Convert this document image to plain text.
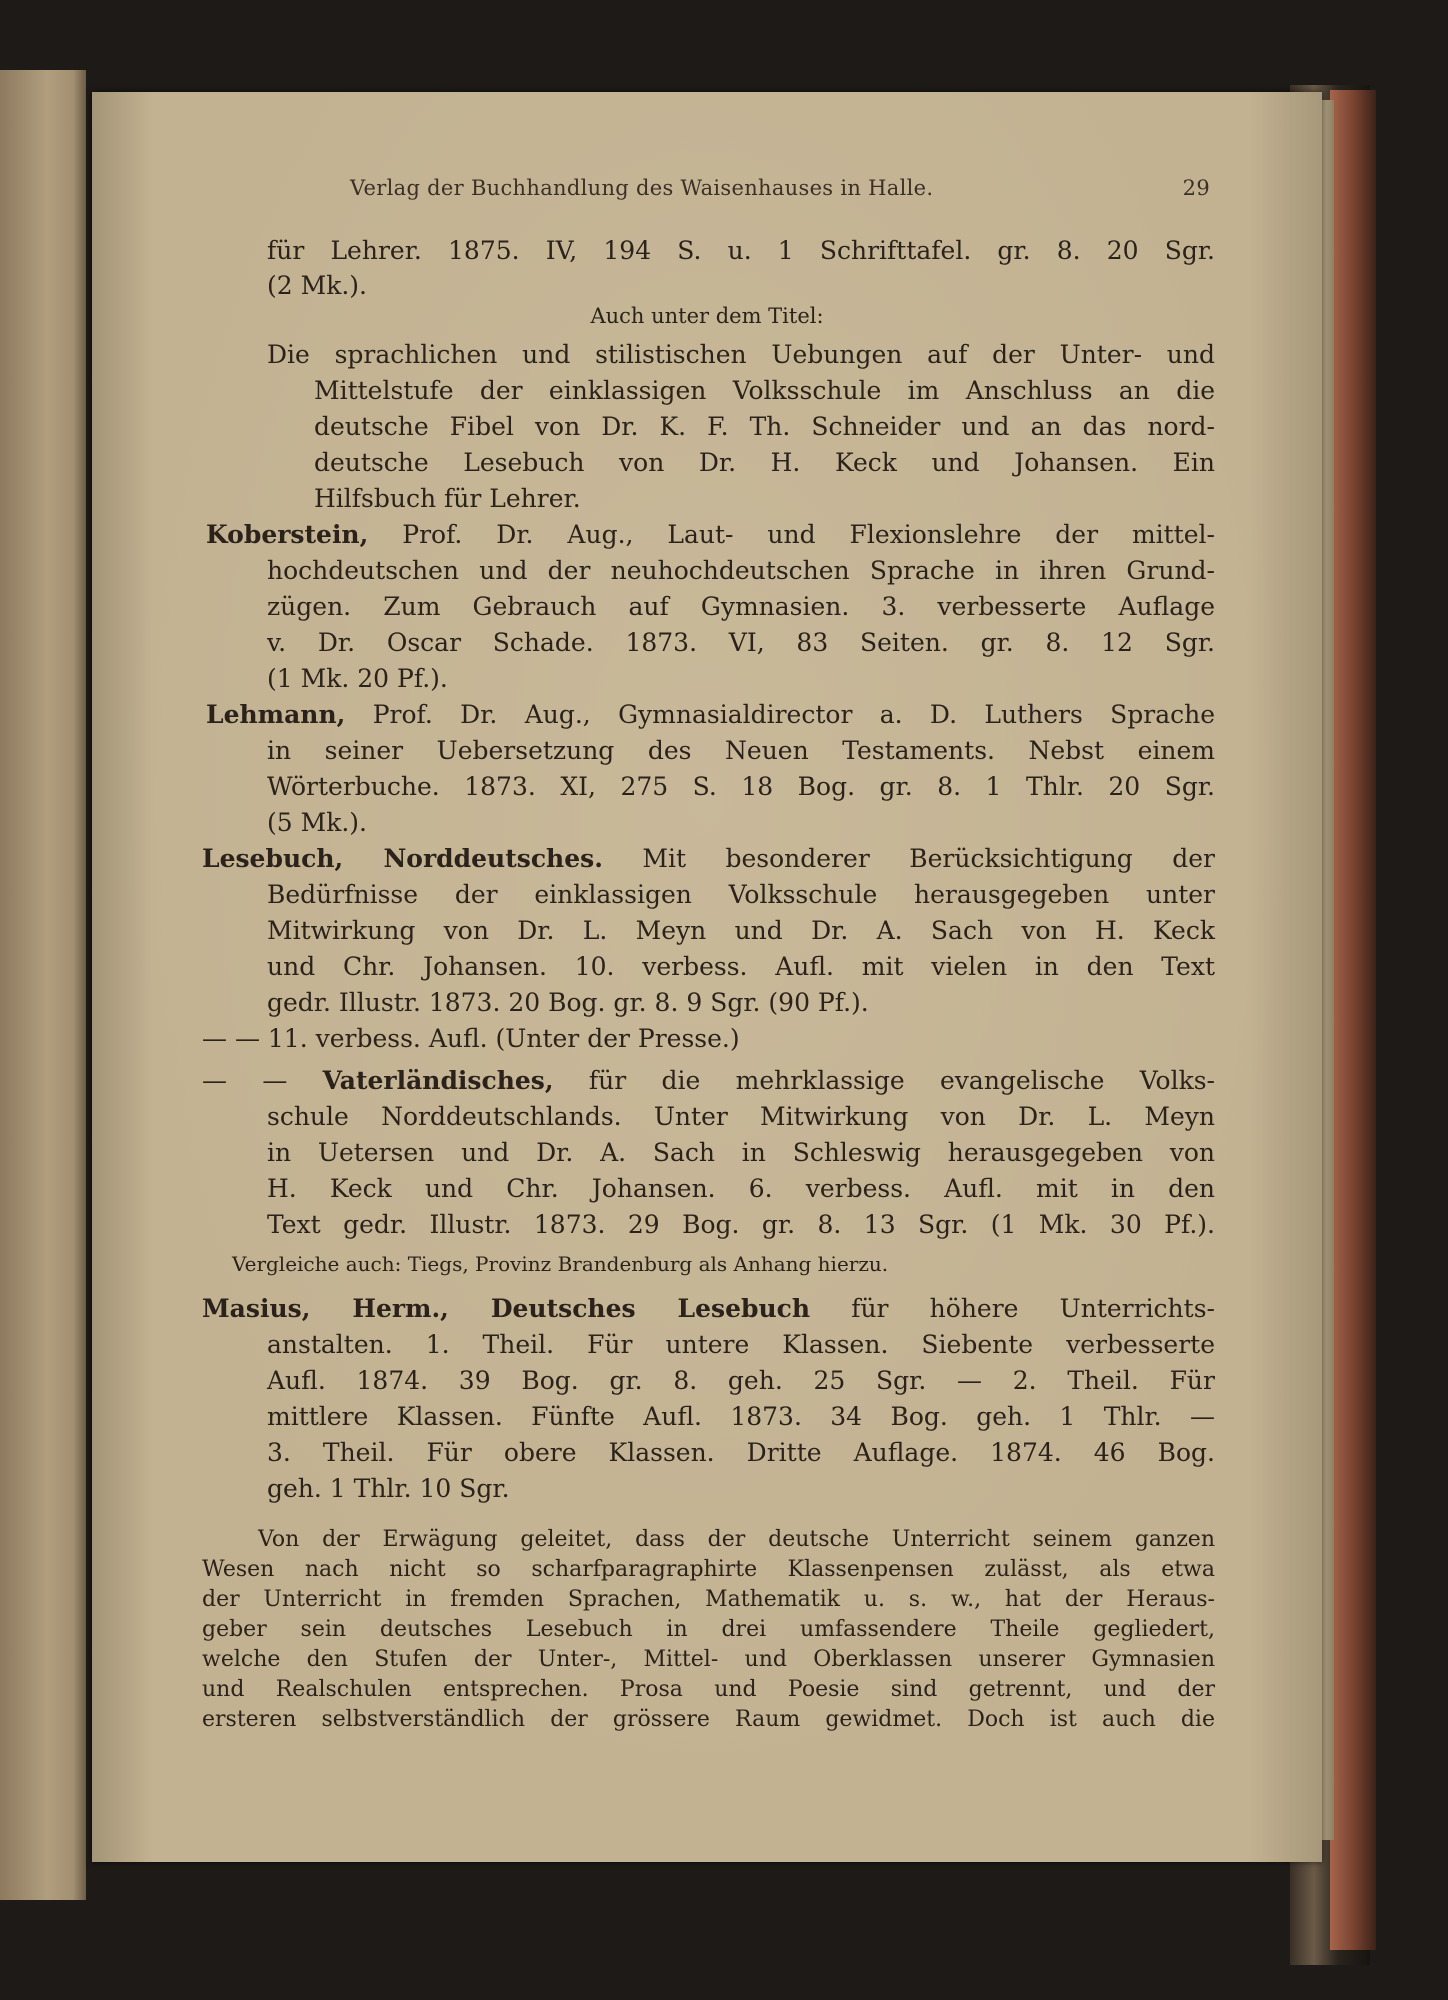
Verlag der Buchhandlung des Waisenhauses in Halle.	29
für Lehrer. 1875. IV, 194 S. u. 1 Schrifttafel. gr. 8. 20 Sgr.
(2 Mk.).
Auch unter dem Titel:
Die sprachlichen und stilistischen Uebungen auf der Unter- und
Mittelstufe der einklassigen Volksschule im Anschluss an die
deutsche Fibel von Dr. K. F. Th. Schneider und an das nord-
deutsche Lesebuch von Dr. H. Keck und Johansen. Ein
Hilfsbuch für Lehrer.
Koberstein, Prof. Dr. Aug., Laut- und Flexionslehre der mittel-
hochdeutschen und der neuhochdeutschen Sprache in ihren Grund-
zügen. Zum Gebrauch auf Gymnasien. 3. verbesserte Auflage
v. Dr. Oscar Schade. 1873. VI, 83 Seiten. gr. 8. 12 Sgr.
(1 Mk. 20 Pf.).
Lehmann, Prof. Dr. Aug., Gymnasialdirector a. D. Luthers Sprache
in seiner Uebersetzung des Neuen Testaments. Nebst einem
Wörterbuche. 1873. XI, 275 S. 18 Bog. gr. 8. 1 Thlr. 20 Sgr.
(5 Mk.).
Lesebuch, Norddeutsches. Mit besonderer Berücksichtigung der
Bedürfnisse der einklassigen Volksschule herausgegeben unter
Mitwirkung von Dr. L. Meyn und Dr. A. Sach von H. Keck
und Chr. Johansen. 10. verbess. Aufl. mit vielen in den Text
gedr. Illustr. 1873. 20 Bog. gr. 8. 9 Sgr. (90 Pf.).
— — 11. verbess. Aufl. (Unter der Presse.)
— — Vaterländisches, für die mehrklassige evangelische Volks-
schule Norddeutschlands. Unter Mitwirkung von Dr. L. Meyn
in Uetersen und Dr. A. Sach in Schleswig herausgegeben von
H. Keck und Chr. Johansen. 6. verbess. Aufl. mit in den
Text gedr. Illustr. 1873. 29 Bog. gr. 8. 13 Sgr. (1 Mk. 30 Pf.).
Vergleiche auch: Tiegs, Provinz Brandenburg als Anhang hierzu.
Masius, Herm., Deutsches Lesebuch für höhere Unterrichts-
anstalten. 1. Theil. Für untere Klassen. Siebente verbesserte
Aufl. 1874. 39 Bog. gr. 8. geh. 25 Sgr. — 2. Theil. Für
mittlere Klassen. Fünfte Aufl. 1873. 34 Bog. geh. 1 Thlr. —
3. Theil. Für obere Klassen. Dritte Auflage. 1874. 46 Bog.
geh. 1 Thlr. 10 Sgr.
Von der Erwägung geleitet, dass der deutsche Unterricht seinem ganzen
Wesen nach nicht so scharfparagraphirte Klassenpensen zulässt, als etwa
der Unterricht in fremden Sprachen, Mathematik u. s. w., hat der Heraus-
geber sein deutsches Lesebuch in drei umfassendere Theile gegliedert,
welche den Stufen der Unter-, Mittel- und Oberklassen unserer Gymnasien
und Realschulen entsprechen. Prosa und Poesie sind getrennt, und der
ersteren selbstverständlich der grössere Raum gewidmet. Doch ist auch die
